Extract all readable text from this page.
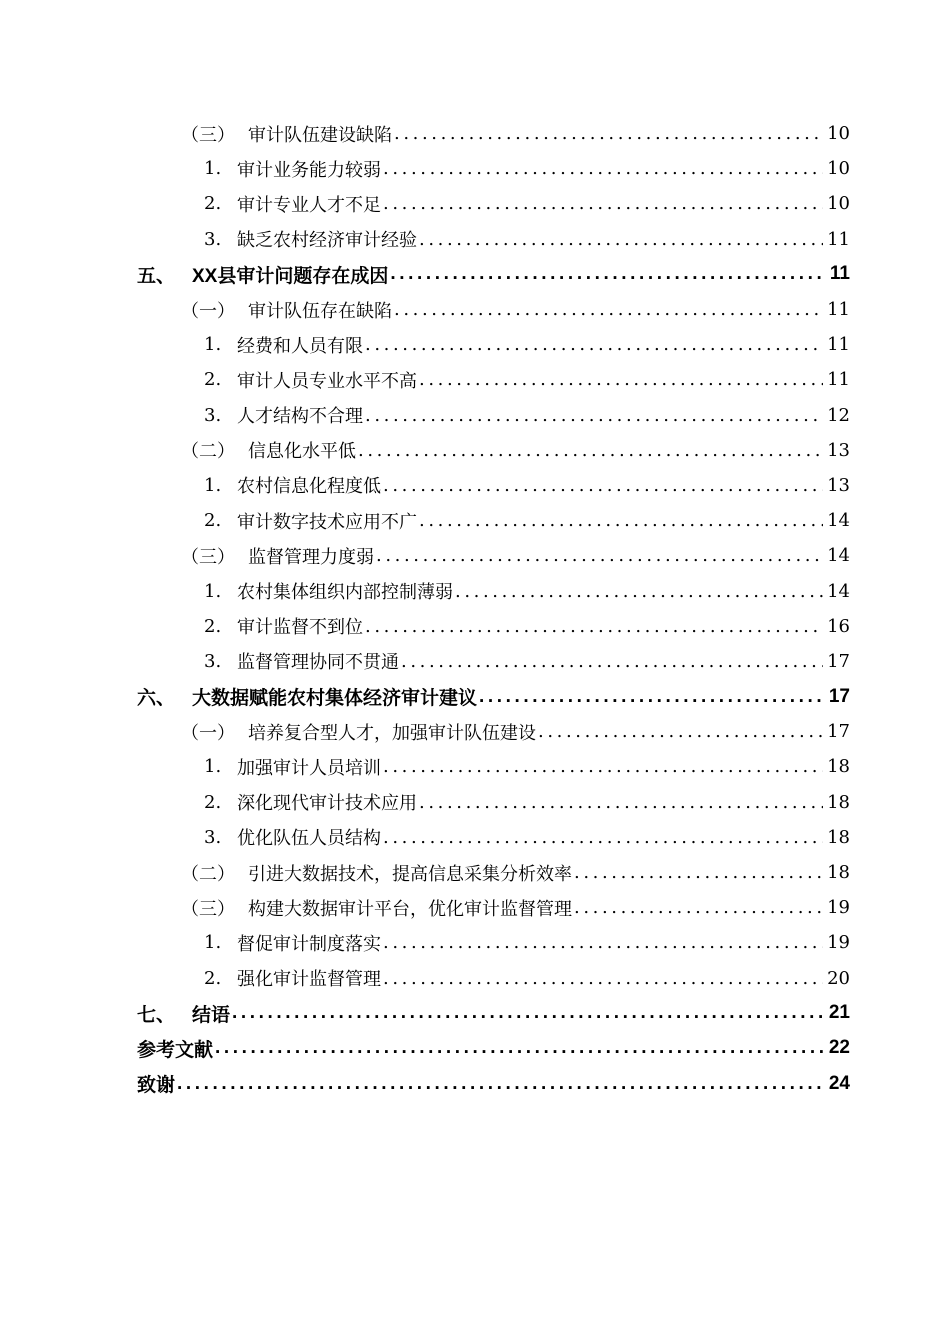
（三） 审计队伍建设缺陷 .....	10
1. 审计业务能力较弱 .....	10
2. 审计专业人才不足 .....	10
3. 缺乏农村经济审计经验 .....	11
五、 XX县审计问题存在成因 .....	11
（一） 审计队伍存在缺陷 .....	11
1. 经费和人员有限 .....	11
2. 审计人员专业水平不高 .....	11
3. 人才结构不合理 .....	12
（二） 信息化水平低 .....	13
1. 农村信息化程度低 .....	13
2. 审计数字技术应用不广 .....	14
（三） 监督管理力度弱 .....	14
1. 农村集体组织内部控制薄弱 .....	14
2. 审计监督不到位 .....	16
3. 监督管理协同不贯通 .....	17
六、 大数据赋能农村集体经济审计建议 .....	17
（一） 培养复合型人才，加强审计队伍建设 .....	17
1. 加强审计人员培训 .....	18
2. 深化现代审计技术应用 .....	18
3. 优化队伍人员结构 .....	18
（二） 引进大数据技术，提高信息采集分析效率 .....	18
（三） 构建大数据审计平台，优化审计监督管理 .....	19
1. 督促审计制度落实 .....	19
2. 强化审计监督管理 .....	20
七、 结语 .....	21
参考文献 .....	22
致谢 .....	24
